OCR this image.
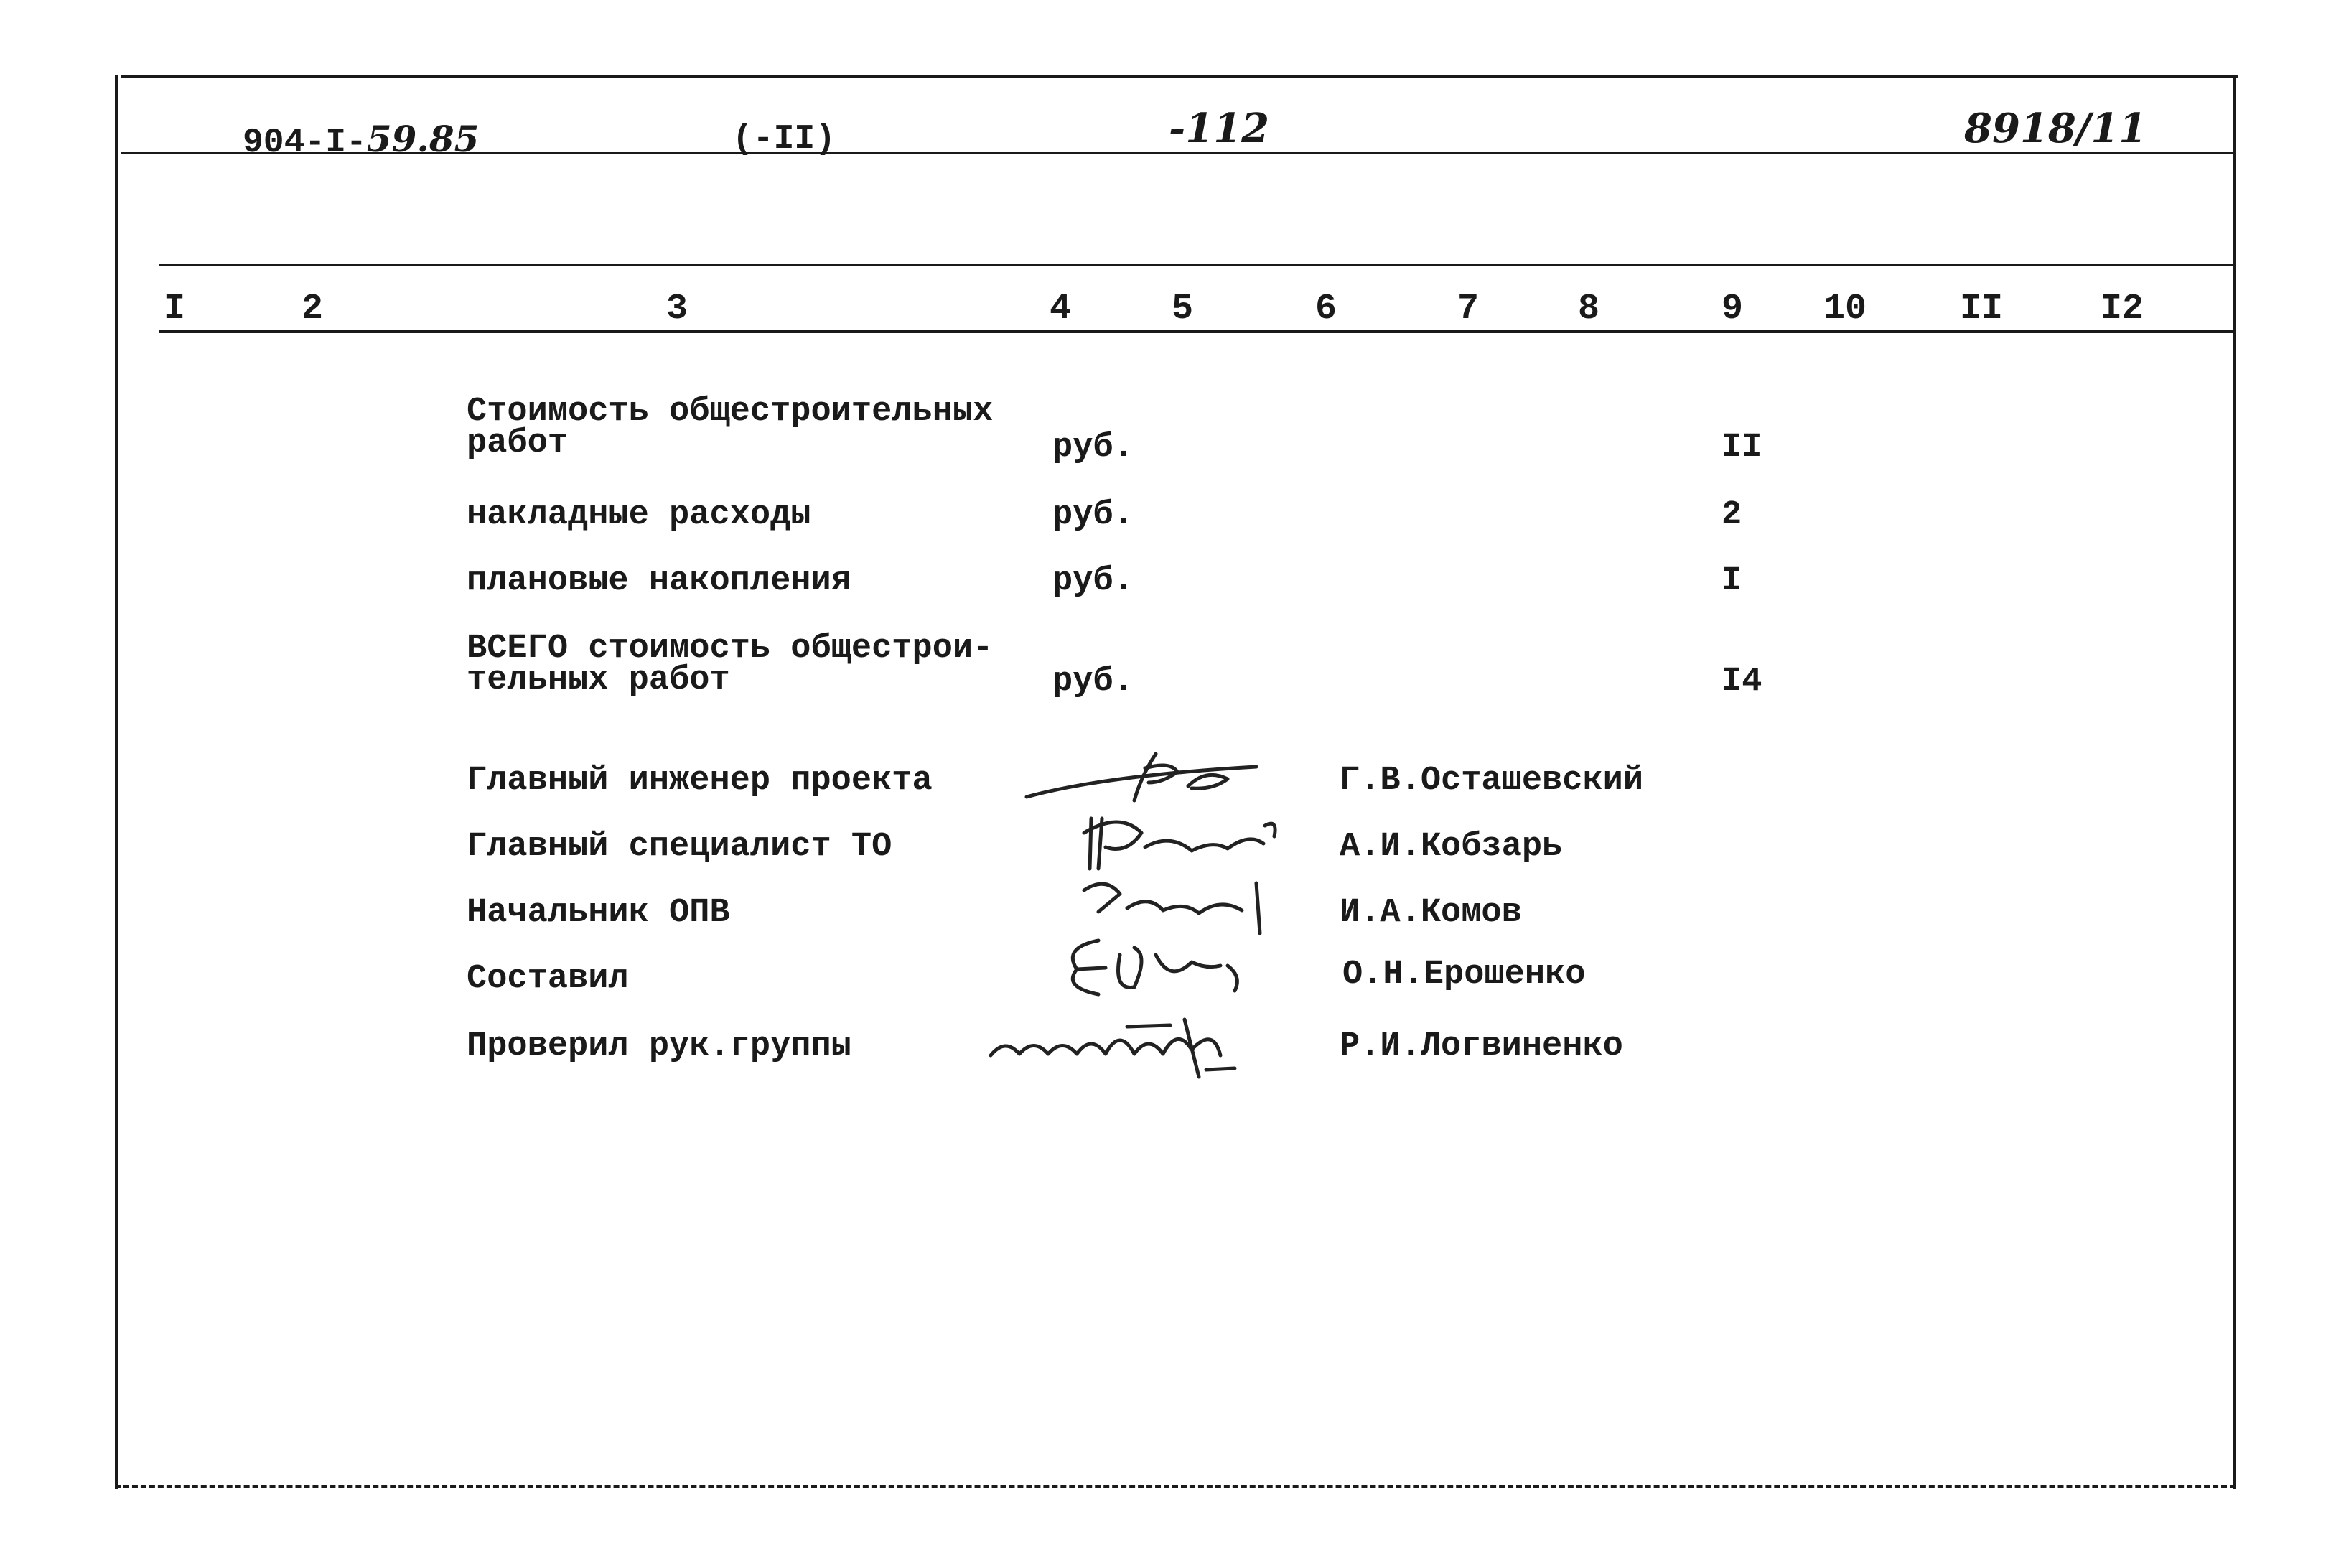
904-I-59.85	(-II)	-112	8918/11
I	2	3	4	5	6	7	8	9 10	II	I2
Стоимость общестроительных
работ	руб.	II
накладные расходы	руб.	2
плановые накопления	руб.	I
ВСЕГО стоимость общестрои-
тельных работ	руб.	I4
Главный инженер проекта	Г.В.Осташевский
Главный специалист ТО	А.И.Кобзарь
Начальник ОПВ	И.А.Комов
Составил	О.Н.Ерошенко
Проверил рук.группы	Р.И.Логвиненко
